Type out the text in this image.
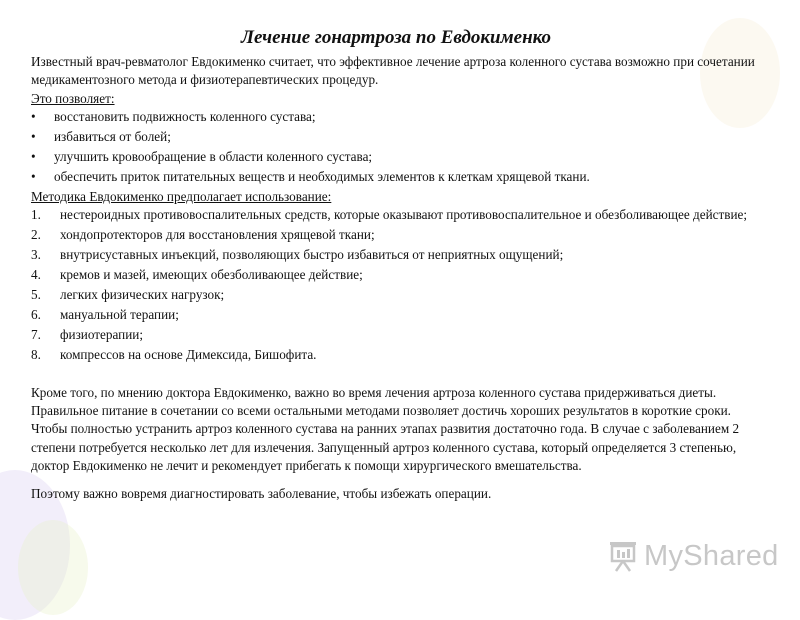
Лечение гонартроза по Евдокименко

Известный врач-ревматолог Евдокименко считает, что эффективное лечение артроза коленного сустава возможно при сочетании медикаментозного метода и физиотерапевтических процедур.

Это позволяет:

• восстановить подвижность коленного сустава;
• избавиться от болей;
• улучшить кровообращение в области коленного сустава;
• обеспечить приток питательных веществ и необходимых элементов к клеткам хрящевой ткани.

Методика Евдокименко предполагает использование:

1. нестероидных противовоспалительных средств, которые оказывают противовоспалительное и обезболивающее действие;
2. хондопротекторов для восстановления хрящевой ткани;
3. внутрисуставных инъекций, позволяющих быстро избавиться от неприятных ощущений;
4. кремов и мазей, имеющих обезболивающее действие;
5. легких физических нагрузок;
6. мануальной терапии;
7. физиотерапии;
8. компрессов на основе Димексида, Бишофита.

Кроме того, по мнению доктора Евдокименко, важно во время лечения артроза коленного сустава придерживаться диеты. Правильное питание в сочетании со всеми остальными методами позволяет достичь хороших результатов в короткие сроки. Чтобы полностью устранить артроз коленного сустава на ранних этапах развития достаточно года. В случае с заболеванием 2 степени потребуется несколько лет для излечения. Запущенный артроз коленного сустава, который определяется 3 степенью, доктор Евдокименко не лечит и рекомендует прибегать к помощи хирургического вмешательства.

Поэтому важно вовремя диагностировать заболевание, чтобы избежать операции.

MyShared
